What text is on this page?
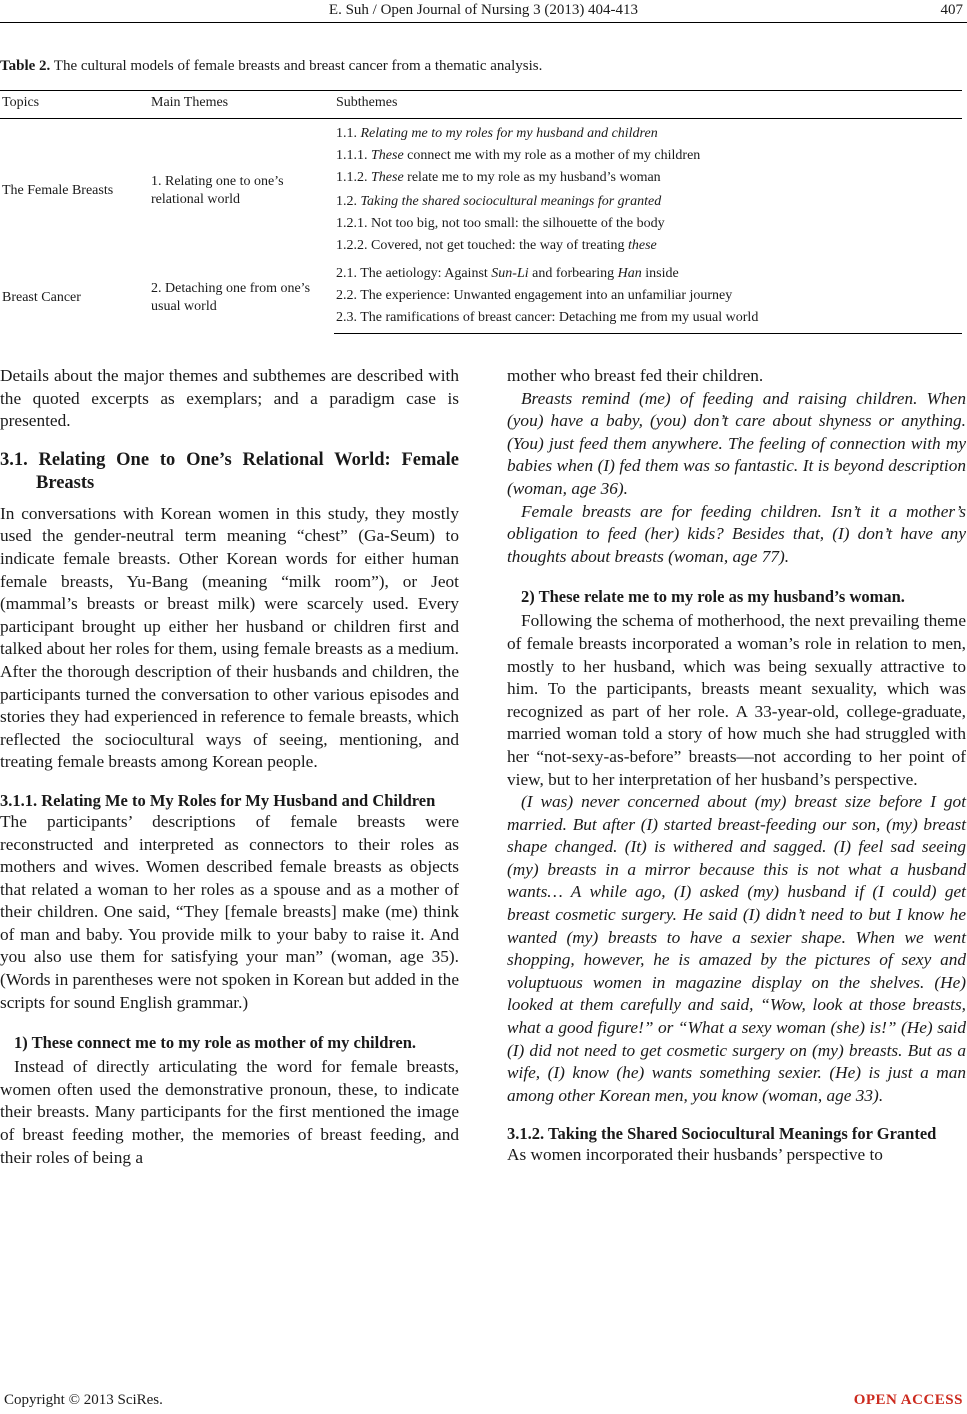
E. Suh / Open Journal of Nursing 3 (2013) 404-413	407
Table 2. The cultural models of female breasts and breast cancer from a thematic analysis.
Topics	Main Themes	Subthemes
The Female Breasts	1. Relating one to one’s relational world	1.1. Relating me to my roles for my husband and children
		1.1.1. These connect me with my role as a mother of my children
		1.1.2. These relate me to my role as my husband’s woman
		1.2. Taking the shared sociocultural meanings for granted
		1.2.1. Not too big, not too small: the silhouette of the body
		1.2.2. Covered, not get touched: the way of treating these
Breast Cancer	2. Detaching one from one’s usual world	2.1. The aetiology: Against Sun-Li and forbearing Han inside
		2.2. The experience: Unwanted engagement into an unfamiliar journey
		2.3. The ramifications of breast cancer: Detaching me from my usual world

Details about the major themes and subthemes are described with the quoted excerpts as exemplars; and a paradigm case is presented.

3.1. Relating One to One’s Relational World: Female Breasts

In conversations with Korean women in this study, they mostly used the gender-neutral term meaning “chest” (Ga-Seum) to indicate female breasts. Other Korean words for either human female breasts, Yu-Bang (meaning “milk room”), or Jeot (mammal’s breasts or breast milk) were scarcely used. Every participant brought up either her husband or children first and talked about her roles for them, using female breasts as a medium. After the thorough description of their husbands and children, the participants turned the conversation to other various episodes and stories they had experienced in reference to female breasts, which reflected the sociocultural ways of seeing, mentioning, and treating female breasts among Korean people.

3.1.1. Relating Me to My Roles for My Husband and Children

The participants’ descriptions of female breasts were reconstructed and interpreted as connectors to their roles as mothers and wives. Women described female breasts as objects that related a woman to her roles as a spouse and as a mother of their children. One said, “They [female breasts] make (me) think of man and baby. You provide milk to your baby to raise it. And you also use them for satisfying your man” (woman, age 35). (Words in parentheses were not spoken in Korean but added in the scripts for sound English grammar.)

1) These connect me to my role as mother of my children.

Instead of directly articulating the word for female breasts, women often used the demonstrative pronoun, these, to indicate their breasts. Many participants for the first mentioned the image of breast feeding mother, the memories of breast feeding, and their roles of being a

mother who breast fed their children.

Breasts remind (me) of feeding and raising children. When (you) have a baby, (you) don’t care about shyness or anything. (You) just feed them anywhere. The feeling of connection with my babies when (I) fed them was so fantastic. It is beyond description (woman, age 36).

Female breasts are for feeding children. Isn’t it a mother’s obligation to feed (her) kids? Besides that, (I) don’t have any thoughts about breasts (woman, age 77).

2) These relate me to my role as my husband’s woman.

Following the schema of motherhood, the next prevailing theme of female breasts incorporated a woman’s role in relation to men, mostly to her husband, which was being sexually attractive to him. To the participants, breasts meant sexuality, which was recognized as part of her role. A 33-year-old, college-graduate, married woman told a story of how much she had struggled with her “not-sexy-as-before” breasts—not according to her point of view, but to her interpretation of her husband’s perspective.

(I was) never concerned about (my) breast size before I got married. But after (I) started breast-feeding our son, (my) breast shape changed. (It) is withered and sagged. (I) feel sad seeing (my) breasts in a mirror because this is not what a husband wants… A while ago, (I) asked (my) husband if (I could) get breast cosmetic surgery. He said (I) didn’t need to but I know he wanted (my) breasts to have a sexier shape. When we went shopping, however, he is amazed by the pictures of sexy and voluptuous women in magazine display on the shelves. (He) looked at them carefully and said, “Wow, look at those breasts, what a good figure!” or “What a sexy woman (she) is!” (He) said (I) did not need to get cosmetic surgery on (my) breasts. But as a wife, (I) know (he) wants something sexier. (He) is just a man among other Korean men, you know (woman, age 33).

3.1.2. Taking the Shared Sociocultural Meanings for Granted

As women incorporated their husbands’ perspective to

Copyright © 2013 SciRes.	OPEN ACCESS
